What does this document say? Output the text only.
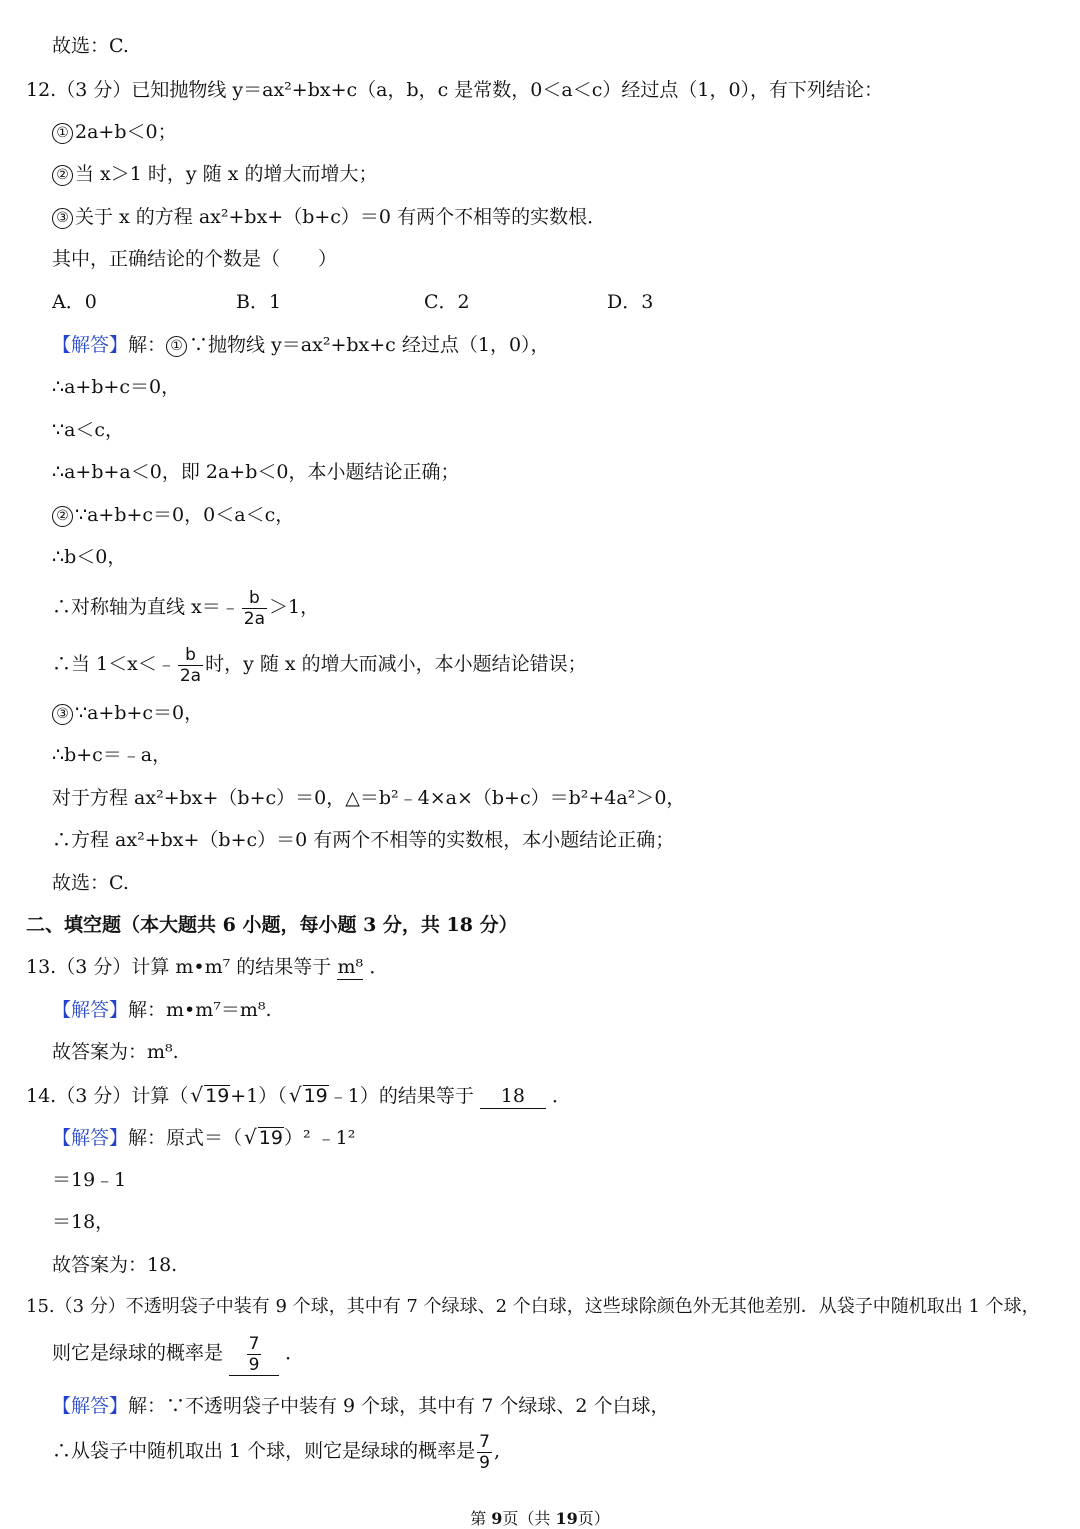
故选：C.
12.（3 分）已知抛物线 y＝ax²+bx+c（a，b，c 是常数，0＜a＜c）经过点（1，0），有下列结论：
① 2a+b＜0；
② 当 x＞1 时，y 随 x 的增大而增大；
③ 关于 x 的方程 ax²+bx+（b+c）＝0 有两个不相等的实数根．
其中，正确结论的个数是（　　）
A．0	B．1	C．2	D．3
【解答】解： ① ∵抛物线 y＝ax²+bx+c 经过点（1，0），
∴a+b+c＝0，
∵a＜c，
∴a+b+a＜0，即 2a+b＜0，本小题结论正确；
② ∵a+b+c＝0，0＜a＜c，
∴b＜0，
∴对称轴为直线 x＝﹣ $\frac{b}{2a} >1$，
∴当 1＜x＜﹣ $\frac{b}{2a}$ 时，y 随 x 的增大而减小，本小题结论错误；
③ ∵a+b+c＝0，
∴b+c＝﹣a，
对于方程 ax²+bx+（b+c）＝0，△＝b²﹣4×a×（b+c）＝b²+4a²＞0，
∴方程 ax²+bx+（b+c）＝0 有两个不相等的实数根，本小题结论正确；
故选：C.
二、填空题（本大题共 6 小题，每小题 3 分，共 18 分）
13.（3 分）计算 m•m⁷ 的结果等于 m⁸ ．
【解答】解：m•m⁷＝m⁸.
故答案为：m⁸.
14.（3 分）计算（ √ 19+1）（ √ 19﹣1）的结果等于 18 ．
【解答】解：原式＝（ √ 19）² ﹣1²
＝19﹣1
＝18，
故答案为：18.
15.（3 分）不透明袋子中装有 9 个球，其中有 7 个绿球、2 个白球，这些球除颜色外无其他差别．从袋子中随机取出 1 个球，
则它是绿球的概率是 $\frac{7}{9}$ ．
【解答】解：∵不透明袋子中装有 9 个球，其中有 7 个绿球、2 个白球，
∴从袋子中随机取出 1 个球，则它是绿球的概率是 $\frac{7}{9}$ ,
第 9页（共 19页）
